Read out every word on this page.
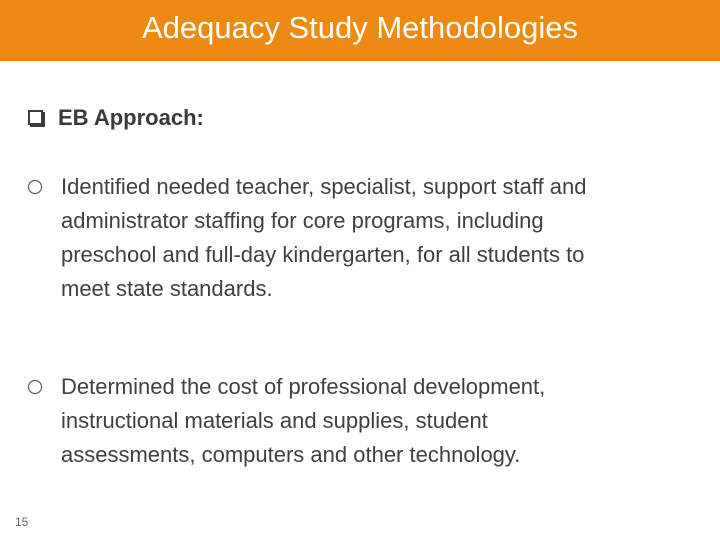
Adequacy Study Methodologies
EB Approach:
Identified needed teacher, specialist, support staff and administrator staffing for core programs, including preschool and full-day kindergarten, for all students to meet state standards.
Determined the cost of professional development, instructional materials and supplies, student assessments, computers and other technology.
15
